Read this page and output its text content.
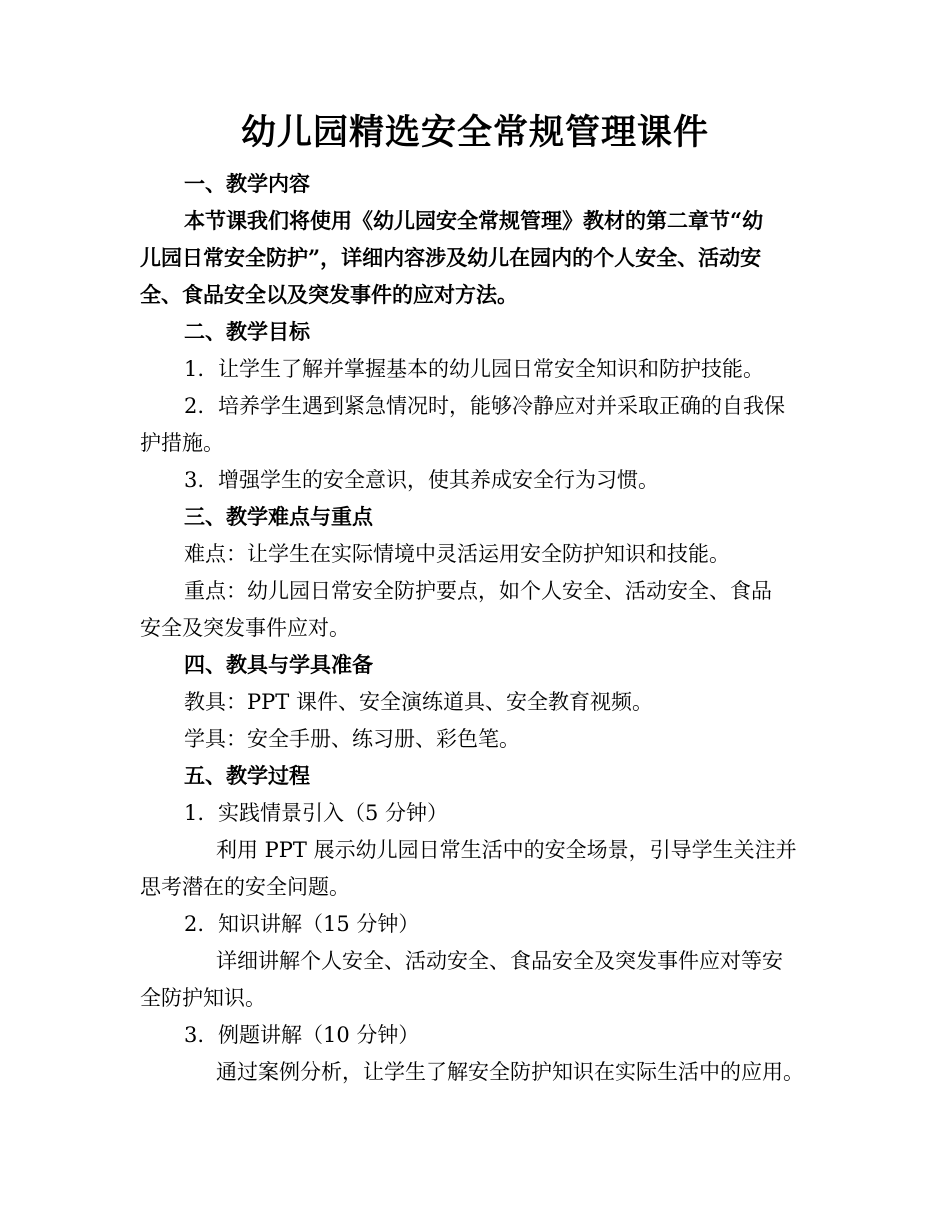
幼儿园精选安全常规管理课件
一、教学内容
本节课我们将使用《幼儿园安全常规管理》教材的第二章节“幼
儿园日常安全防护”，详细内容涉及幼儿在园内的个人安全、活动安
全、食品安全以及突发事件的应对方法。
二、教学目标
1. 让学生了解并掌握基本的幼儿园日常安全知识和防护技能。
2. 培养学生遇到紧急情况时，能够冷静应对并采取正确的自我保
护措施。
3. 增强学生的安全意识，使其养成安全行为习惯。
三、教学难点与重点
难点：让学生在实际情境中灵活运用安全防护知识和技能。
重点：幼儿园日常安全防护要点，如个人安全、活动安全、食品
安全及突发事件应对。
四、教具与学具准备
教具：PPT 课件、安全演练道具、安全教育视频。
学具：安全手册、练习册、彩色笔。
五、教学过程
1. 实践情景引入（5 分钟）
利用 PPT 展示幼儿园日常生活中的安全场景，引导学生关注并
思考潜在的安全问题。
2. 知识讲解（15 分钟）
详细讲解个人安全、活动安全、食品安全及突发事件应对等安
全防护知识。
3. 例题讲解（10 分钟）
通过案例分析，让学生了解安全防护知识在实际生活中的应用。
